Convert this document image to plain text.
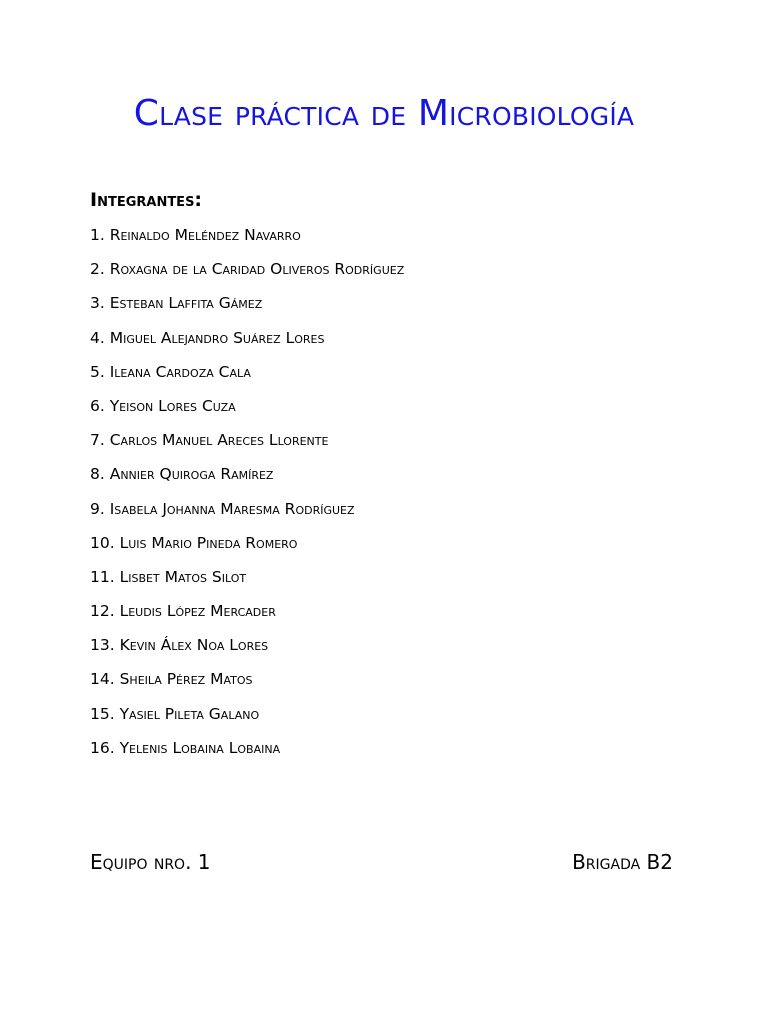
Clase práctica de Microbiología
Integrantes:
1. Reinaldo Meléndez Navarro
2. Roxagna de la Caridad Oliveros Rodríguez
3. Esteban Laffita Gámez
4. Miguel Alejandro Suárez Lores
5. Ileana Cardoza Cala
6. Yeison Lores Cuza
7. Carlos Manuel Areces Llorente
8. Annier Quiroga Ramírez
9. Isabela Johanna Maresma Rodríguez
10. Luis Mario Pineda Romero
11. Lisbet Matos Silot
12. Leudis López Mercader
13. Kevin Álex Noa Lores
14. Sheila Pérez Matos
15. Yasiel Pileta Galano
16. Yelenis Lobaina Lobaina
Equipo nro. 1	Brigada B2
